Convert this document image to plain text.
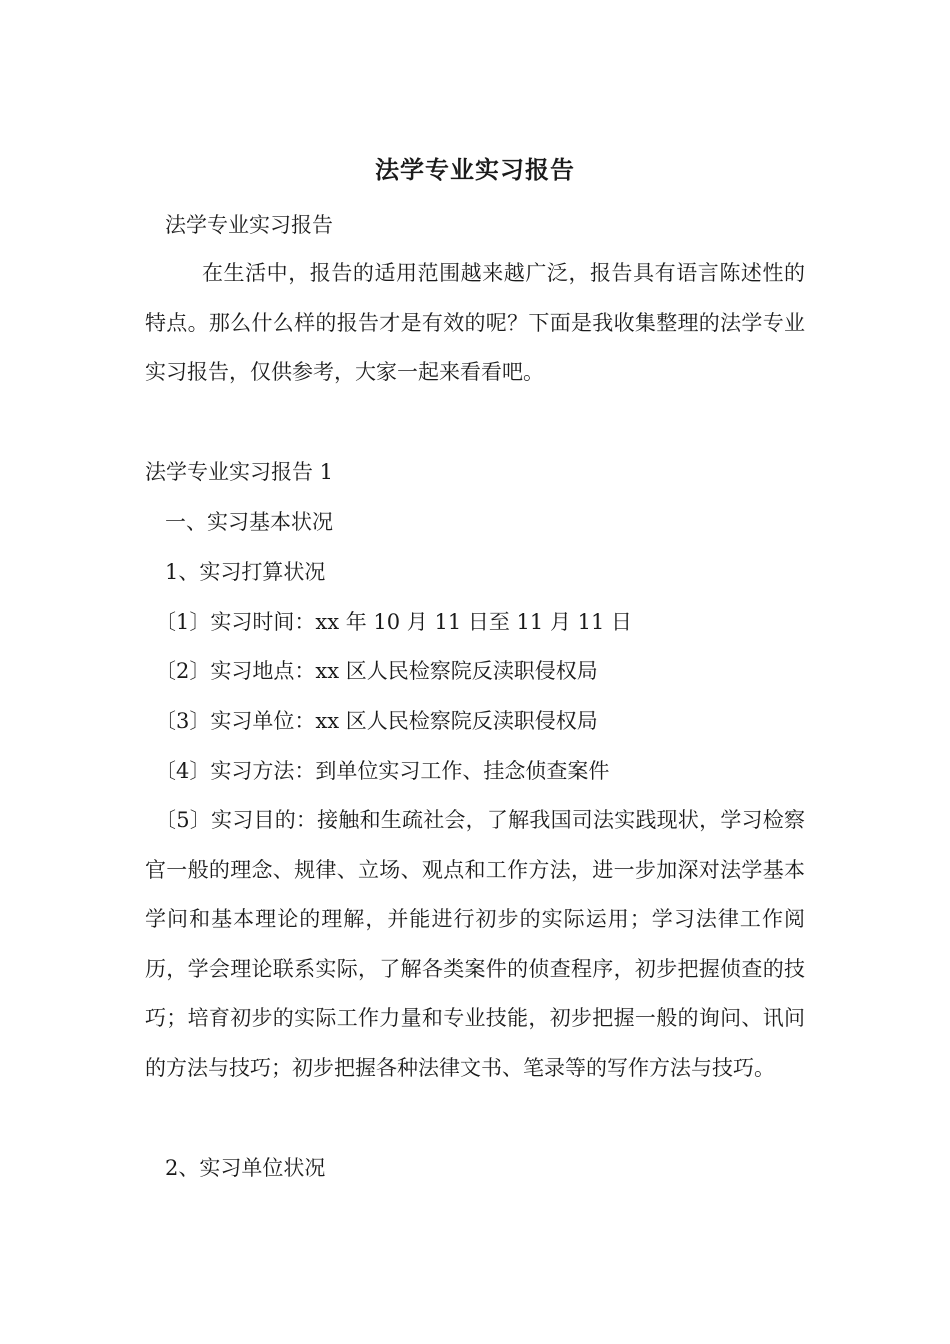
法学专业实习报告
法学专业实习报告
在生活中，报告的适用范围越来越广泛，报告具有语言陈述性的特点。那么什么样的报告才是有效的呢？下面是我收集整理的法学专业实习报告，仅供参考，大家一起来看看吧。
法学专业实习报告 1
一、实习基本状况
1、实习打算状况
〔1〕实习时间：xx 年 10 月 11 日至 11 月 11 日
〔2〕实习地点：xx 区人民检察院反渎职侵权局
〔3〕实习单位：xx 区人民检察院反渎职侵权局
〔4〕实习方法：到单位实习工作、挂念侦查案件
〔5〕实习目的：接触和生疏社会，了解我国司法实践现状，学习检察官一般的理念、规律、立场、观点和工作方法，进一步加深对法学基本学问和基本理论的理解，并能进行初步的实际运用；学习法律工作阅历，学会理论联系实际，了解各类案件的侦查程序，初步把握侦查的技巧；培育初步的实际工作力量和专业技能，初步把握一般的询问、讯问的方法与技巧；初步把握各种法律文书、笔录等的写作方法与技巧。
2、实习单位状况
